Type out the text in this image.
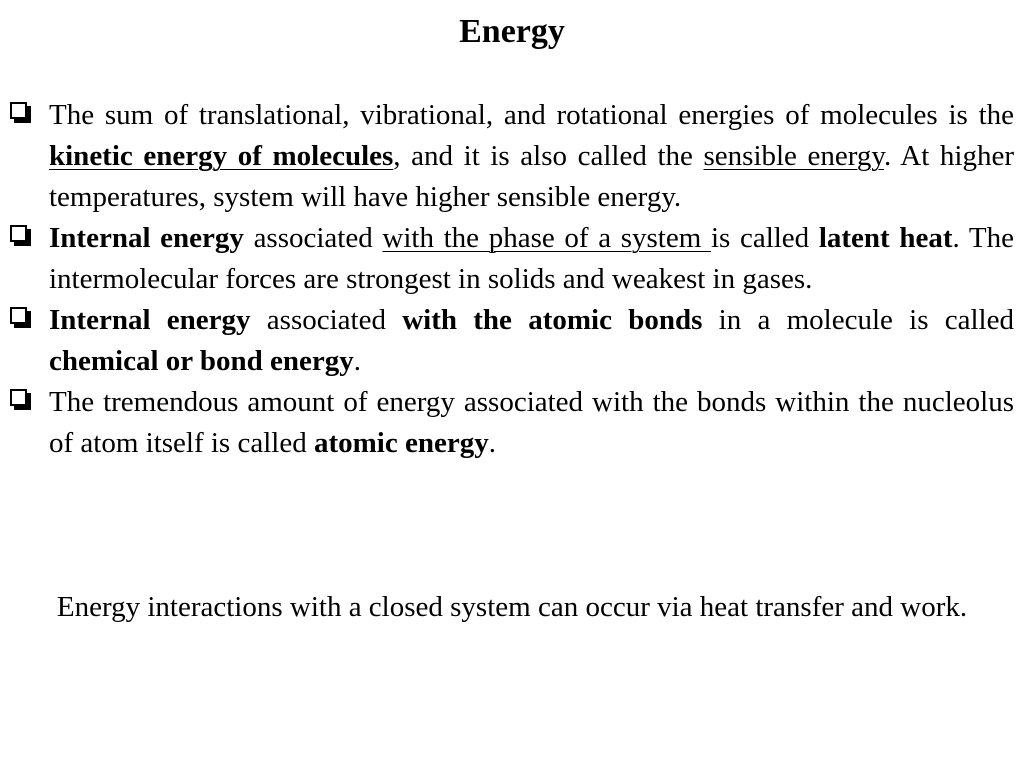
Energy
The sum of translational, vibrational, and rotational energies of molecules is the kinetic energy of molecules, and it is also called the sensible energy. At higher temperatures, system will have higher sensible energy.
Internal energy associated with the phase of a system is called latent heat. The intermolecular forces are strongest in solids and weakest in gases.
Internal energy associated with the atomic bonds in a molecule is called chemical or bond energy.
The tremendous amount of energy associated with the bonds within the nucleolus of atom itself is called atomic energy.
Energy interactions with a closed system can occur via heat transfer and work.
